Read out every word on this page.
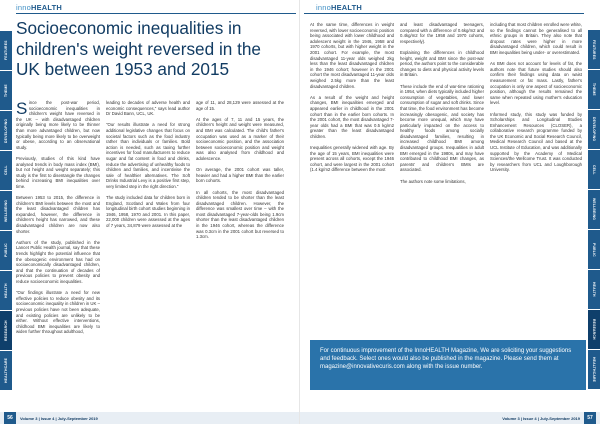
innoHEALTH
FEATURES
THEME
DEVELOPING
CELL
WELLBEING
PUBLIC
HEALTH
RESEARCH
HEALTHCARE
Socioeconomic inequalities in children's weight reversed in the UK between 1953 and 2015

Since the post-war period, socioeconomic inequalities in children's weight have reversed in the UK – with disadvantaged children originally being more likely to be thinner than more advantaged children, but now typically being more likely to be overweight or obese, according to an observational study.

Previously, studies of this kind have analysed trends in body mass index (BMI), but not height and weight separately; this study is the first to disentangle the changes behind increasing BMI inequalities over time.

Between 1953 to 2015, the difference in children's BMI levels between the most and the least disadvantaged children has expanded, however, the difference in children's height has narrowed, and these disadvantaged children are now also shorter.

Authors of the study, published in the Lancet Public Health journal, say that these trends highlight the potential influence that the obesogenic environment has had on socioeconomically disadvantaged children, and that the continuation of decades of previous policies to prevent obesity and reduce socioeconomic inequalities.

"Our findings illustrate a need for new effective policies to reduce obesity and its socioeconomic inequality in children in UK – previous policies have not been adequate, and existing policies are unlikely to be either. Without effective interventions, childhood BMI inequalities are likely to widen further throughout adulthood,

leading to decades of adverse health and economic consequences," says lead author Dr David Bann, UCL, UK.

"Our results illustrate a need for strong additional legislative changes that focus on societal factors such as the food industry rather than individuals or families. Bold action is needed, such as taxing further incentives for food manufacturers to reduce sugar and fat content in food and drinks, reduce the advertising of unhealthy foods to children and families, and incentivise the sale of healthier alternatives. The Soft Drinks Industrial Levy is a positive first step, very limited step in the right direction."

The study included data for children born in England, Scotland and Wales from four longitudinal birth cohort studies beginning in 1946, 1958, 1970 and 2001. In this paper, 22,000 children were assessed at the ages of 7 years, 34,879 were assessed at the

age of 11, and 28,129 were assessed at the age of 15.

At the ages of 7, 11 and 15 years, the children's height and weight were measured, and BMI was calculated. The child's father's occupation was used as a marker of their socioeconomic position, and the association between socioeconomic position and weight was also analysed from childhood and adolescence.

On average, the 2001 cohort was taller, heavier and had a higher BMI than the earlier born cohorts.

In all cohorts, the most disadvantaged children tended to be shorter than the least disadvantaged children. However, the difference was smallest over time – with the most disadvantaged 7-year-olds being 1.9cm shorter than the least disadvantaged children in the 1946 cohort, whereas the difference was 0.3cm in the 2001 cohort but reversed to 1.3cm.

56	Volume 3 | Issue 4 | July-September 2019
innoHEALTH
FEATURES
THEME
DEVELOPING
CELL
WELLBEING
PUBLIC
HEALTH
RESEARCH
HEALTHCARE

At the same time, differences in weight reversed, with lower socioeconomic position being associated with lower childhood and adolescent weight in the 1946, 1958 and 1970 cohorts, but with higher weight in the 2001 cohort. For example, the most disadvantaged 11-year olds weighed 2kg less than the least disadvantaged children in the 1946 cohort; however in the 2001 cohort the most disadvantaged 11-year olds weighed 2.5kg more than the least disadvantaged children.

As a result of the weight and height changes, BMI inequalities emerged and appeared earlier in childhood in the 2001 cohort than in the earlier born cohorts. In the 2001 cohort, the most disadvantaged 7-year olds had a BMI that was 0.5 kg/m2 greater than the least disadvantaged children.

Inequalities generally widened with age. By the age of 15 years, BMI inequalities were present across all cohorts, except the 1946 cohort, and were largest in the 2001 cohort (1.4 kg/m2 difference between the most

and least disadvantaged teenagers, compared with a difference of 0.6kg/m2 and 0.4kg/m2 for the 1958 and 1970 cohorts, respectively).

Explaining the differences in childhood height, weight and BMI since the post-war period, the authors point to the considerable changes to diets and physical activity levels in Britain.

These include the end of war-time rationing in 1954, when diets typically included higher consumption of vegetables, and lower consumption of sugar and soft drinks. Since that time, the food environment has become increasingly obesogenic, and society has become more unequal, which may have particularly impacted on the access to healthy foods among socially disadvantaged families, resulting in increased childhood BMI among disadvantaged groups. Inequalities in adult BMI emerged in the 1980s, and may have contributed to childhood BMI changes, as parents' and children's BMIs are associated.

The authors note some limitations,

including that most children enrolled were white, so the findings cannot be generalised to all ethnic groups in Britain. They also note that dropout rates were higher in more disadvantaged children, which could result in BMI inequalities being under- or overestimated.

As BMI does not account for levels of fat, the authors note that future studies should also confirm their findings using data on waist measurement or fat mass. Lastly, father's occupation is only one aspect of socioeconomic position, although the results remained the same when repeated using mother's education level.

Informed study, this study was funded by Scholarships and Longitudinal Studies Enhancement Resources (CLOSER), a collaborative research programme funded by the UK Economic and Social Research Council, Medical Research Council and based at the UCL Institute of Education, and was additionally supported by the Academy of Medical Sciences/the Wellcome Trust. It was conducted by researchers from UCL and Loughborough University.

For continuous improvement of the InnoHEALTH Magazine, We are soliciting your suggestions and feedback. Select ones would also be published in the magazine. Please send them at magazine@innovativecuris.com along with the issue number.

Volume 3 | Issue 4 | July-September 2019	57
